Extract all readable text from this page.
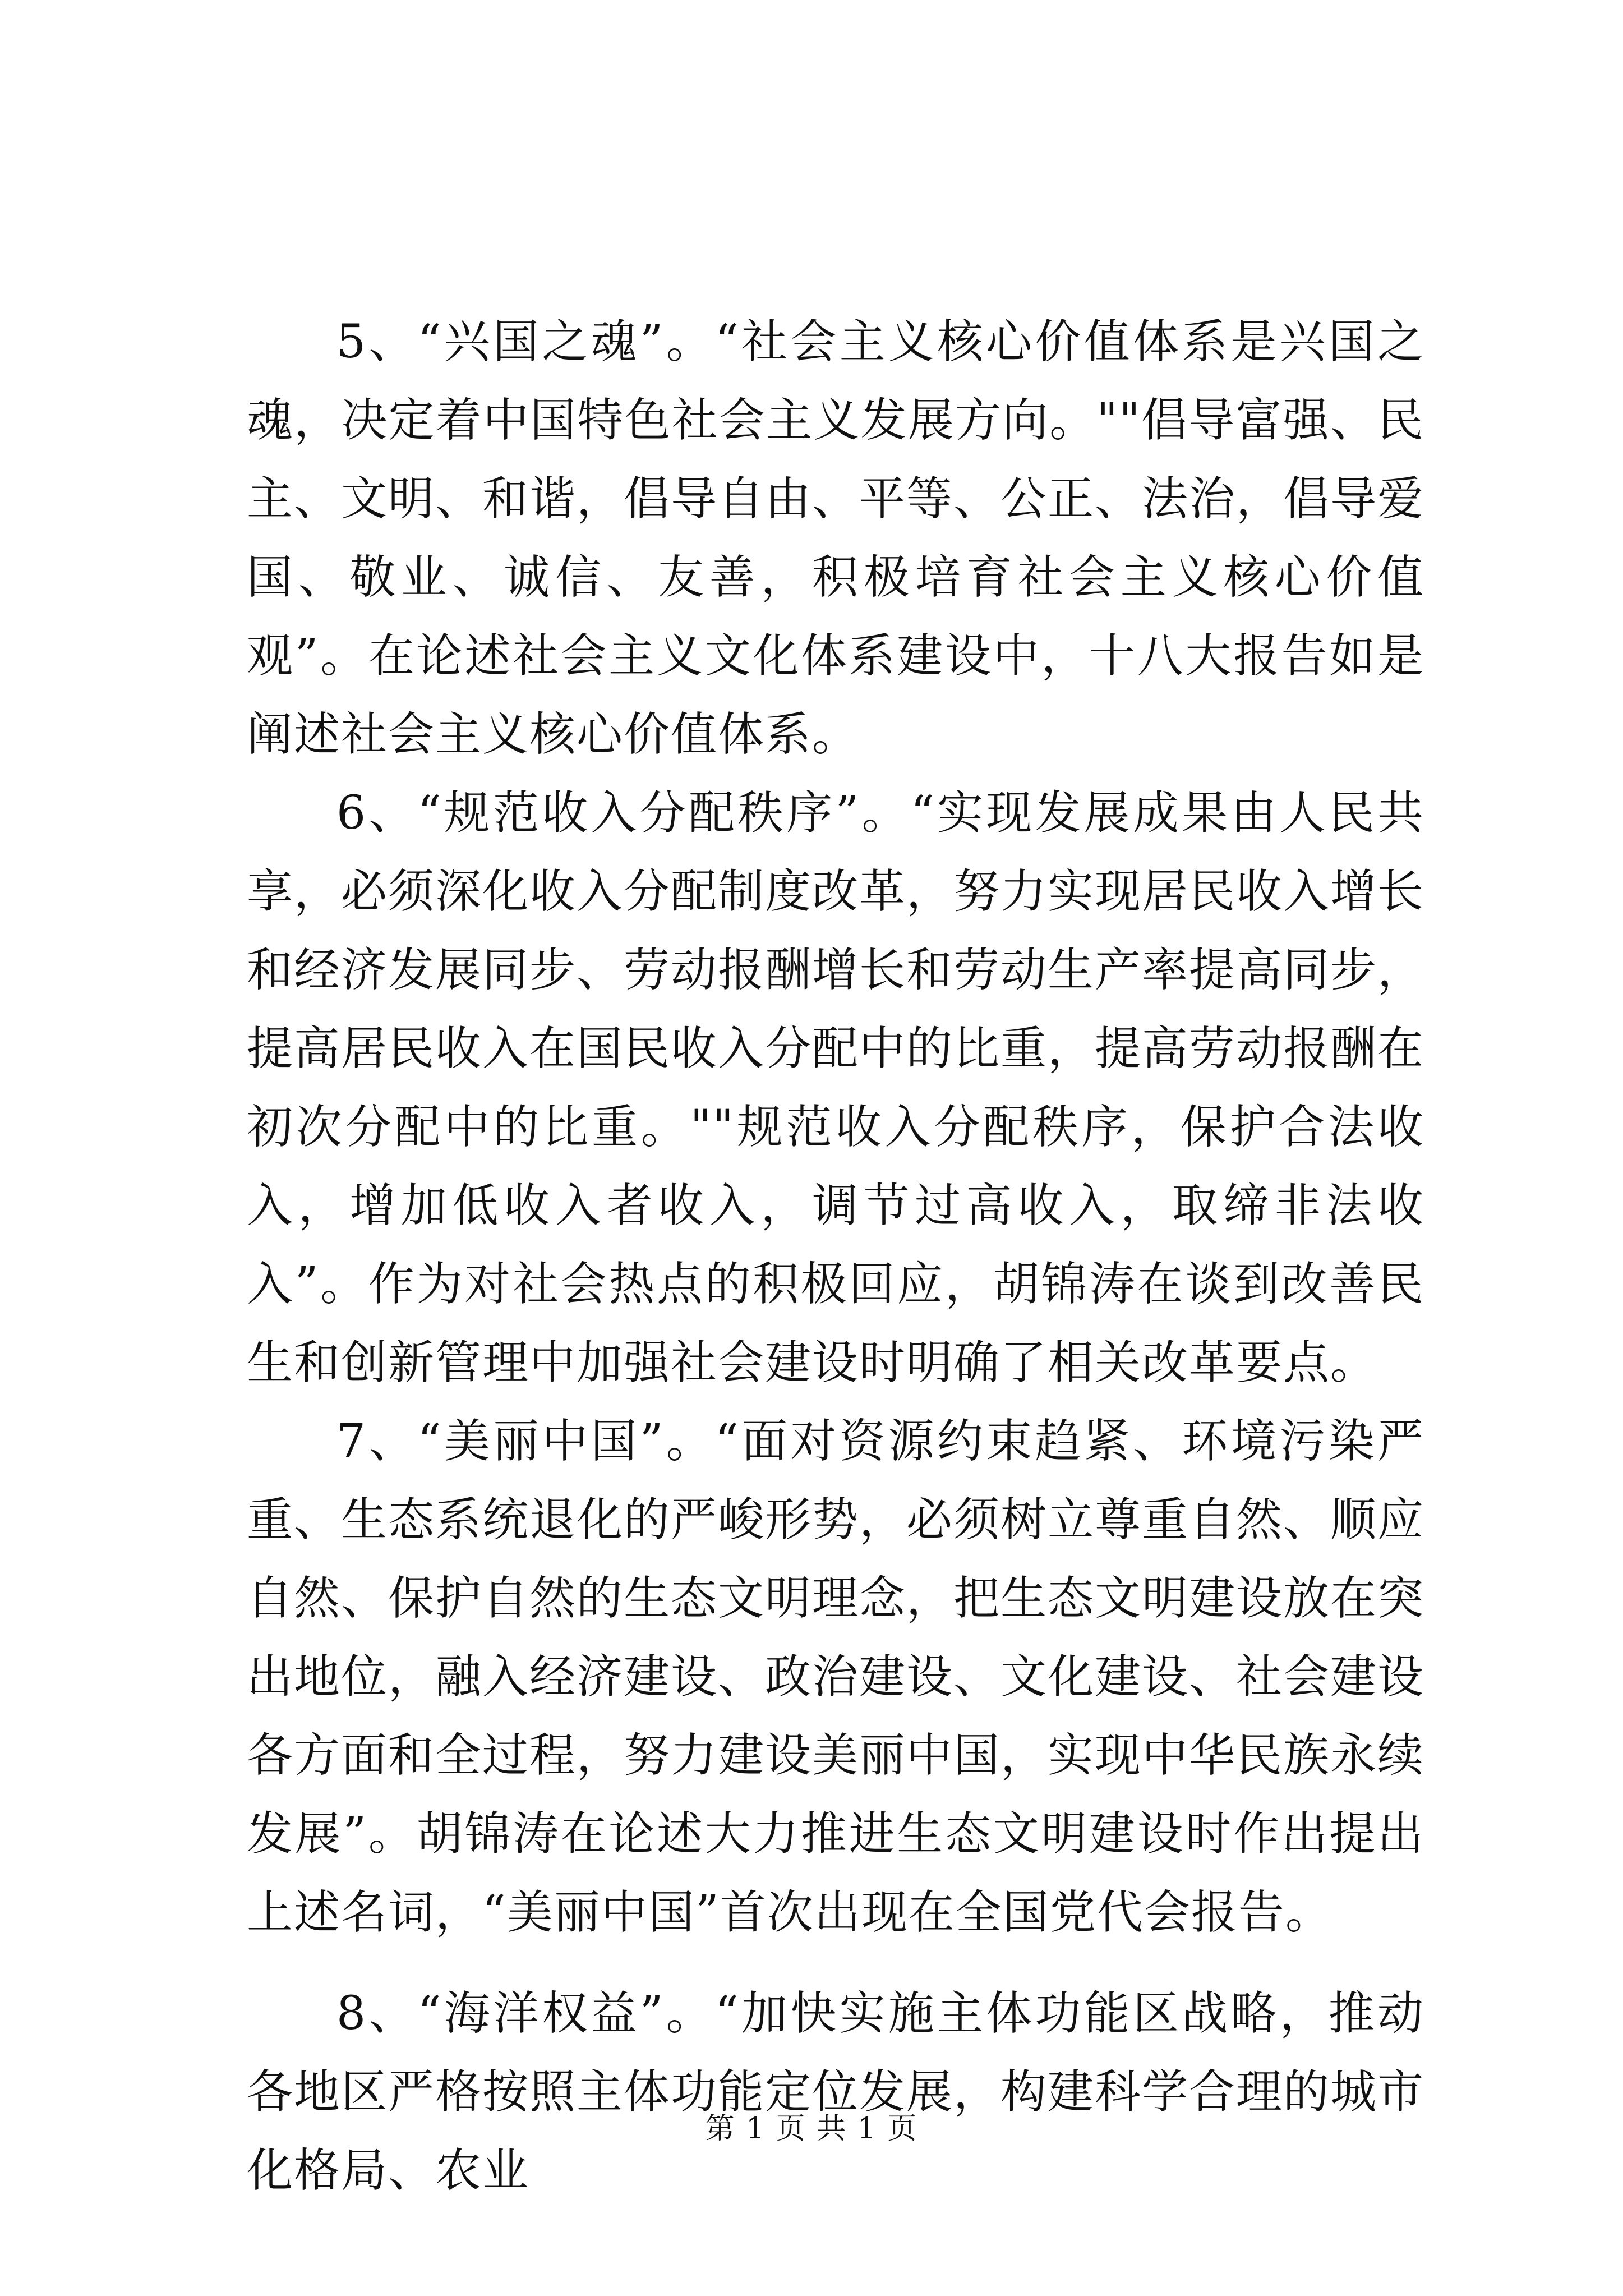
5、“兴国之魂”。“社会主义核心价值体系是兴国之魂，决定着中国特色社会主义发展方向。""倡导富强、民主、文明、和谐，倡导自由、平等、公正、法治，倡导爱国、敬业、诚信、友善，积极培育社会主义核心价值观”。在论述社会主义文化体系建设中，十八大报告如是阐述社会主义核心价值体系。

6、“规范收入分配秩序”。“实现发展成果由人民共享，必须深化收入分配制度改革，努力实现居民收入增长和经济发展同步、劳动报酬增长和劳动生产率提高同步，提高居民收入在国民收入分配中的比重，提高劳动报酬在初次分配中的比重。""规范收入分配秩序，保护合法收入，增加低收入者收入，调节过高收入，取缔非法收入”。作为对社会热点的积极回应，胡锦涛在谈到改善民生和创新管理中加强社会建设时明确了相关改革要点。

7、“美丽中国”。“面对资源约束趋紧、环境污染严重、生态系统退化的严峻形势，必须树立尊重自然、顺应自然、保护自然的生态文明理念，把生态文明建设放在突出地位，融入经济建设、政治建设、文化建设、社会建设各方面和全过程，努力建设美丽中国，实现中华民族永续发展”。胡锦涛在论述大力推进生态文明建设时作出提出上述名词，“美丽中国”首次出现在全国党代会报告。

8、“海洋权益”。“加快实施主体功能区战略，推动各地区严格按照主体功能定位发展，构建科学合理的城市化格局、农业

第 1 页 共 1 页
